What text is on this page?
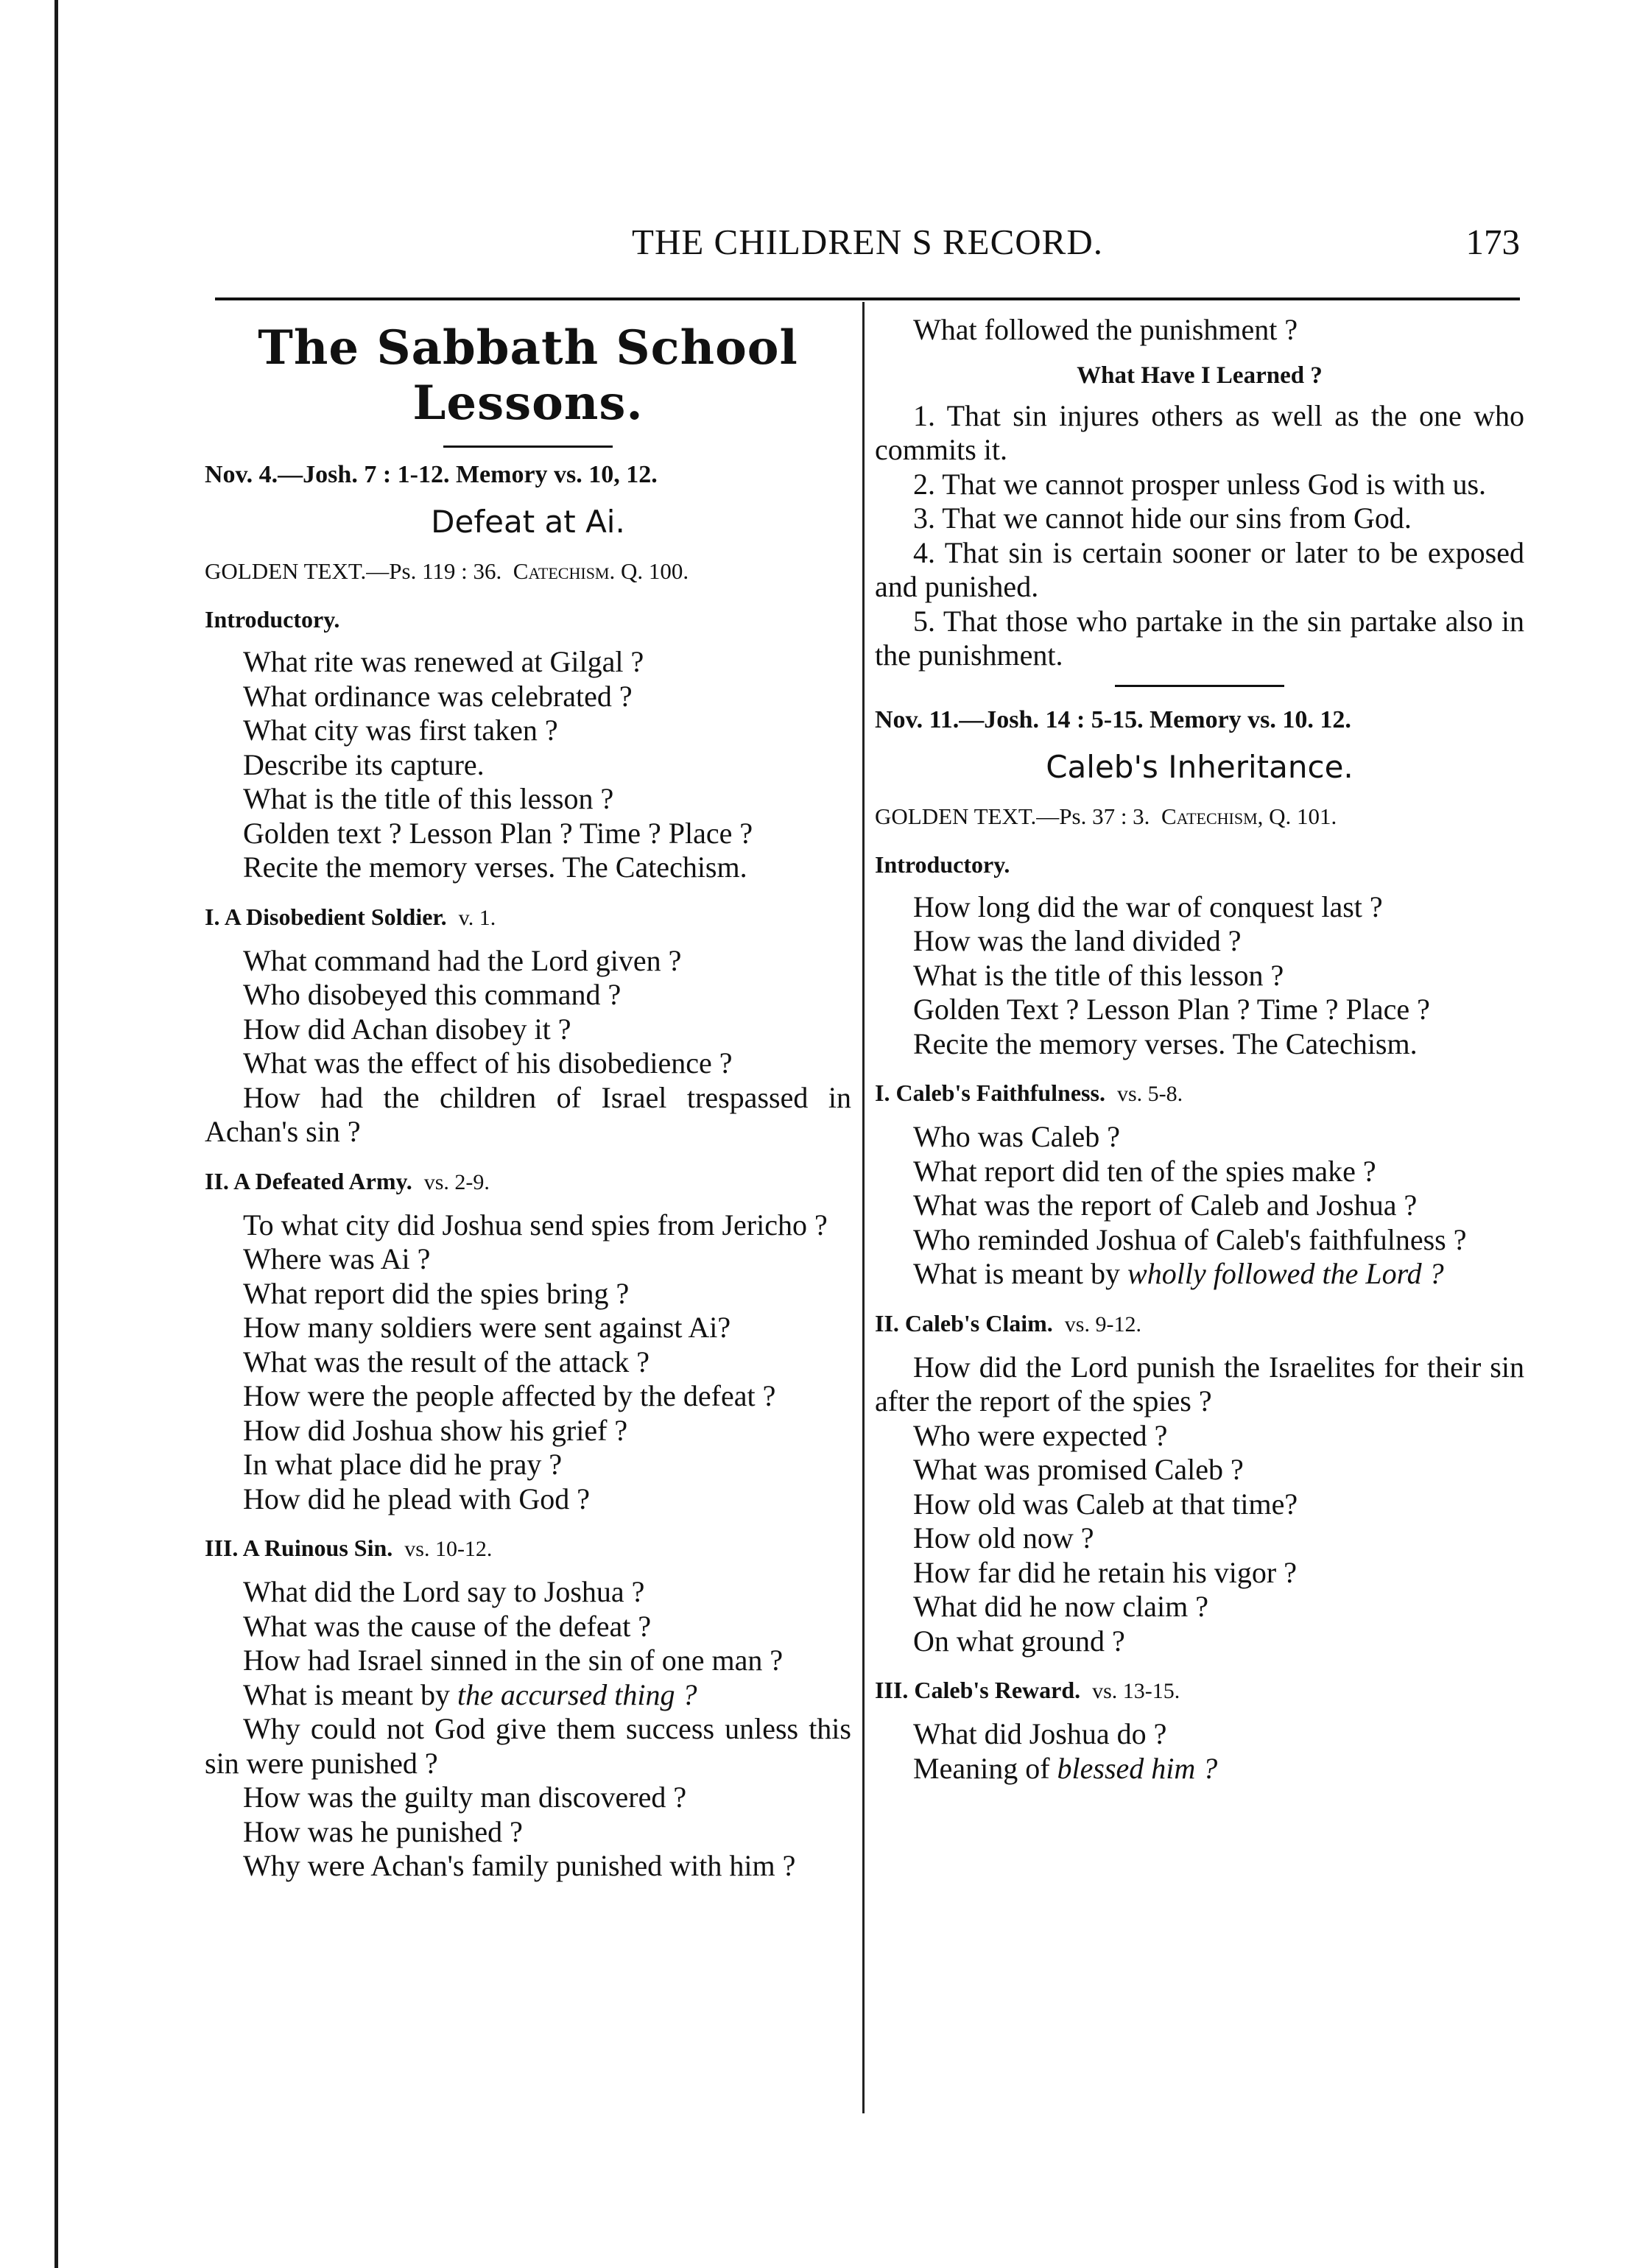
THE CHILDREN S RECORD.	173
The Sabbath School Lessons.
Nov. 4.—Josh. 7 : 1-12. Memory vs. 10, 12.
Defeat at Ai.
GOLDEN TEXT.—Ps. 119 : 36. Catechism. Q. 100.
Introductory.

What rite was renewed at Gilgal ?

What ordinance was celebrated ?

What city was first taken ?

Describe its capture.

What is the title of this lesson ?

Golden text ? Lesson Plan ? Time ? Place ?

Recite the memory verses. The Catechism.

I. A Disobedient Soldier. v. 1.

What command had the Lord given ?

Who disobeyed this command ?

How did Achan disobey it ?

What was the effect of his disobedience ?

How had the children of Israel trespassed in Achan's sin ?

II. A Defeated Army. vs. 2-9.

To what city did Joshua send spies from Jericho ?

Where was Ai ?

What report did the spies bring ?

How many soldiers were sent against Ai?

What was the result of the attack ?

How were the people affected by the defeat ?

How did Joshua show his grief ?

In what place did he pray ?

How did he plead with God ?

III. A Ruinous Sin. vs. 10-12.

What did the Lord say to Joshua ?

What was the cause of the defeat ?

How had Israel sinned in the sin of one man ?

What is meant by the accursed thing ?

Why could not God give them success unless this sin were punished ?

How was the guilty man discovered ?

How was he punished ?

Why were Achan's family punished with him ?

What followed the punishment ?

What Have I Learned ?

1. That sin injures others as well as the one who commits it.

2. That we cannot prosper unless God is with us.

3. That we cannot hide our sins from God.

4. That sin is certain sooner or later to be exposed and punished.

5. That those who partake in the sin partake also in the punishment.

Nov. 11.—Josh. 14 : 5-15. Memory vs. 10. 12.
Caleb's Inheritance.
GOLDEN TEXT.—Ps. 37 : 3. Catechism, Q. 101.
Introductory.

How long did the war of conquest last ?

How was the land divided ?

What is the title of this lesson ?

Golden Text ? Lesson Plan ? Time ? Place ?

Recite the memory verses. The Catechism.

I. Caleb's Faithfulness. vs. 5-8.

Who was Caleb ?

What report did ten of the spies make ?

What was the report of Caleb and Joshua ?

Who reminded Joshua of Caleb's faithfulness ?

What is meant by wholly followed the Lord ?

II. Caleb's Claim. vs. 9-12.

How did the Lord punish the Israelites for their sin after the report of the spies ?

Who were expected ?

What was promised Caleb ?

How old was Caleb at that time?

How old now ?

How far did he retain his vigor ?

What did he now claim ?

On what ground ?

III. Caleb's Reward. vs. 13-15.

What did Joshua do ?

Meaning of blessed him ?
